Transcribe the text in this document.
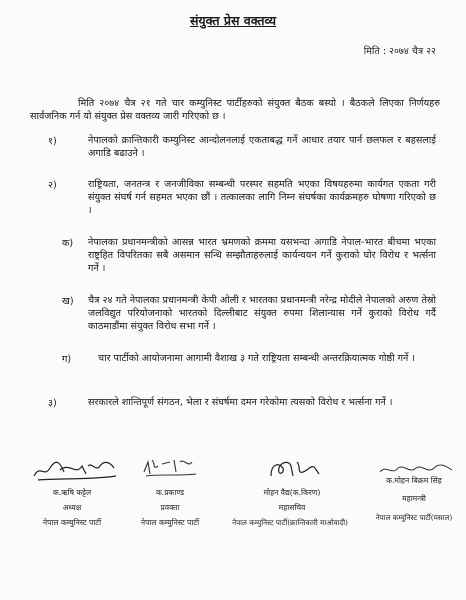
संयुक्त प्रेस वक्तव्य
मिति : २०७४ चैत्र २२
मिति २०७४ चैत्र २१ गते चार कम्युनिस्ट पार्टीहरुको संयुक्त बैठक बस्यो । बैठकले लिएका निर्णयहरु सार्वजनिक गर्न यो संयुक्त प्रेस वक्तव्य जारी गरिएको छ ।
१)	नेपालको क्रान्तिकारी कम्युनिस्ट आन्दोलनलाई एकताबद्ध गर्ने आधार तयार पार्न छलफल र बहसलाई अगाडि बढाउने ।
२)	राष्ट्रियता, जनतन्त्र र जनजीविका सम्बन्धी परस्पर सहमति भएका विषयहरुमा कार्यगत एकता गरी संयुक्त संघर्ष गर्न सहमत भएका छौं । तत्कालका लागि निम्न संघर्षका कार्यक्रमहरु घोषणा गरिएको छ ।
क) नेपालका प्रधानमन्त्रीको आसन्न भारत भ्रमणको क्रममा यसभन्दा अगाडि नेपाल-भारत बीचमा भएका राष्ट्रहित विपरितका सबै असमान सन्धि सम्झौताहरुलाई कार्यन्वयन गर्ने कुराको घोर विरोध र भर्त्सना गर्ने ।
ख) चैत्र २४ गते नेपालका प्रधानमन्त्री केपी ओली र भारतका प्रधानमन्त्री नरेन्द्र मोदीले नेपालको अरुण तेस्रो जलविद्युत परियोजनाको भारतको दिल्लीबाट संयुक्त रुपमा शिलान्यास गर्ने कुराको विरोध गर्दै काठमाडौंमा संयुक्त विरोध सभा गर्ने ।
ग)	चार पार्टीको आयोजनामा आगामी वैशाख ३ गते राष्ट्रियता सम्बन्धी अन्तरक्रियात्मक गोष्ठी गर्ने ।
३)	सरकारले शान्तिपूर्ण संगठन, भेला र संघर्षमा दमन गरेकोमा त्यसको विरोध र भर्त्सना गर्ने ।
क.ऋषि कट्टेल
अध्यक्ष
नेपाल कम्युनिस्ट पार्टी
क.प्रकाण्ड
प्रवक्ता
नेपाल कम्युनिस्ट पार्टी
मोहन वैद्य(क.किरण)
महासचिव
नेपाल कम्युनिस्ट पार्टी(क्रान्तिकारी माओवादी)
क.मोहन बिक्रम सिंह
महामन्त्री
नेपाल कम्युनिस्ट पार्टी(मसाल)
